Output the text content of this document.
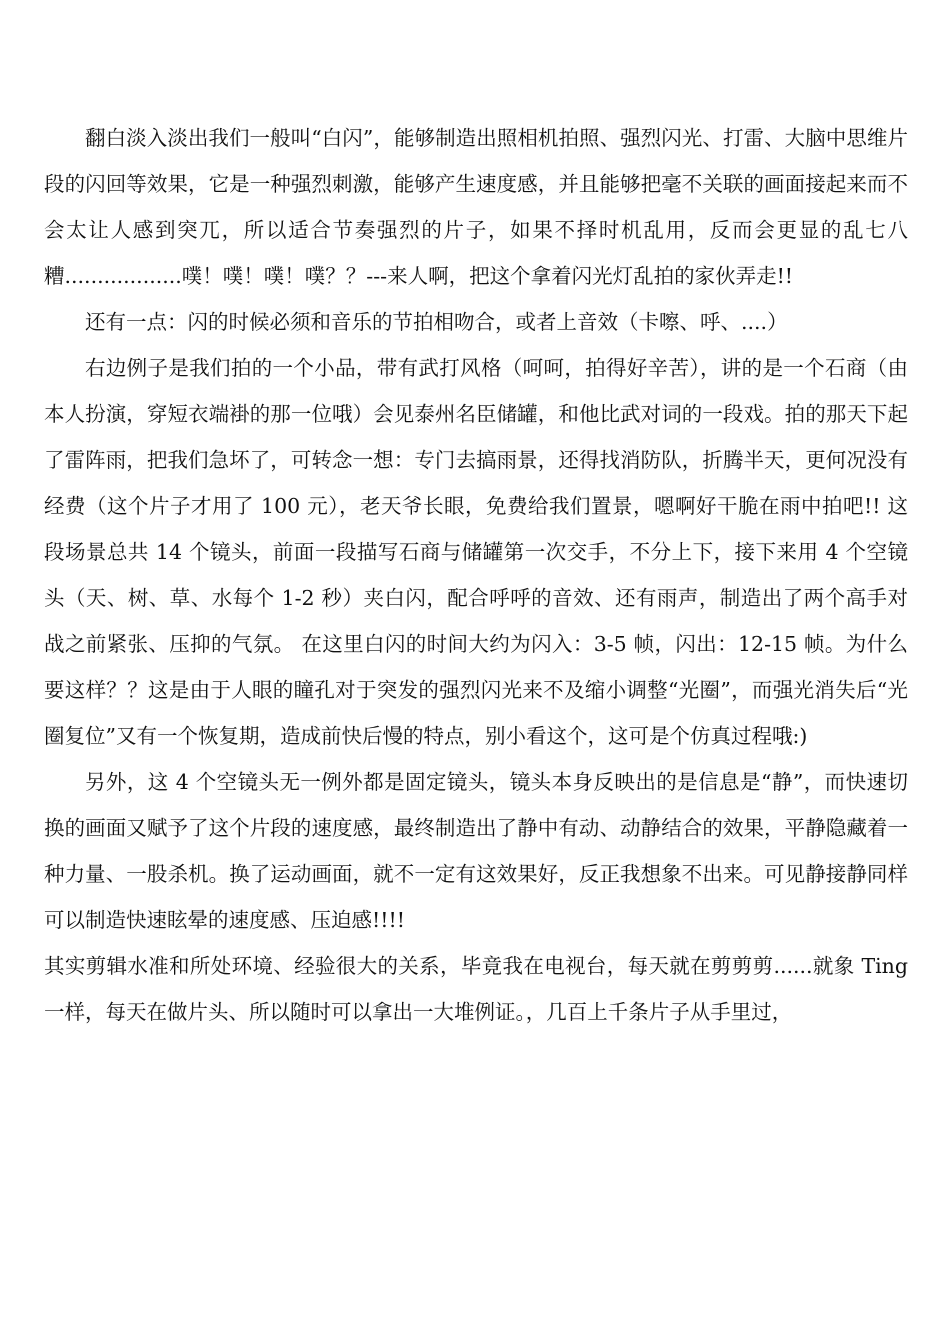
翻白淡入淡出我们一般叫“白闪”，能够制造出照相机拍照、强烈闪光、打雷、大脑中思维片段的闪回等效果，它是一种强烈刺激，能够产生速度感，并且能够把毫不关联的画面接起来而不会太让人感到突兀，所以适合节奏强烈的片子，如果不择时机乱用，反而会更显的乱七八糟..................噗！噗！噗！噗？？---来人啊，把这个拿着闪光灯乱拍的家伙弄走!!

还有一点：闪的时候必须和音乐的节拍相吻合，或者上音效（卡嚓、呼、....）

右边例子是我们拍的一个小品，带有武打风格（呵呵，拍得好辛苦），讲的是一个石商（由本人扮演，穿短衣端褂的那一位哦）会见泰州名臣储罐，和他比武对词的一段戏。拍的那天下起了雷阵雨，把我们急坏了，可转念一想：专门去搞雨景，还得找消防队，折腾半天，更何况没有经费（这个片子才用了 100 元），老天爷长眼，免费给我们置景，嗯啊好干脆在雨中拍吧!! 这段场景总共 14 个镜头，前面一段描写石商与储罐第一次交手，不分上下，接下来用 4 个空镜头（天、树、草、水每个 1-2 秒）夹白闪，配合呼呼的音效、还有雨声，制造出了两个高手对战之前紧张、压抑的气氛。 在这里白闪的时间大约为闪入：3-5 帧，闪出：12-15 帧。为什么要这样？？这是由于人眼的瞳孔对于突发的强烈闪光来不及缩小调整“光圈”，而强光消失后“光圈复位”又有一个恢复期，造成前快后慢的特点，别小看这个，这可是个仿真过程哦:)

另外，这 4 个空镜头无一例外都是固定镜头，镜头本身反映出的是信息是“静”，而快速切换的画面又赋予了这个片段的速度感，最终制造出了静中有动、动静结合的效果，平静隐藏着一种力量、一股杀机。换了运动画面，就不一定有这效果好，反正我想象不出来。可见静接静同样可以制造快速眩晕的速度感、压迫感!!!!

其实剪辑水准和所处环境、经验很大的关系，毕竟我在电视台，每天就在剪剪剪......就象 Ting 一样，每天在做片头、所以随时可以拿出一大堆例证。，几百上千条片子从手里过，
